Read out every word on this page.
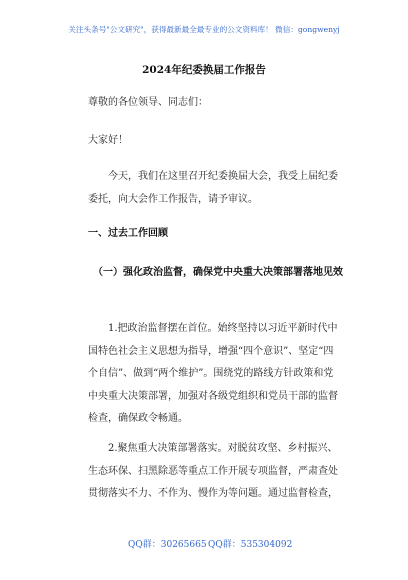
关注头条号"公文研究"，获得最新最全最专业的公文资料库！ 微信：gongwenyj
2024年纪委换届工作报告
尊敬的各位领导、同志们：
大家好！
今天，我们在这里召开纪委换届大会，我受上届纪委委托，向大会作工作报告，请予审议。
一、过去工作回顾
（一）强化政治监督，确保党中央重大决策部署落地见效
1.把政治监督摆在首位。始终坚持以习近平新时代中国特色社会主义思想为指导，增强“四个意识”、坚定“四个自信”、做到“两个维护”。围绕党的路线方针政策和党中央重大决策部署，加强对各级党组织和党员干部的监督检查，确保政令畅通。
2.聚焦重大决策部署落实。对脱贫攻坚、乡村振兴、生态环保、扫黑除恶等重点工作开展专项监督，严肃查处贯彻落实不力、不作为、慢作为等问题。通过监督检查，
QQ群：30265665 QQ群：535304092
